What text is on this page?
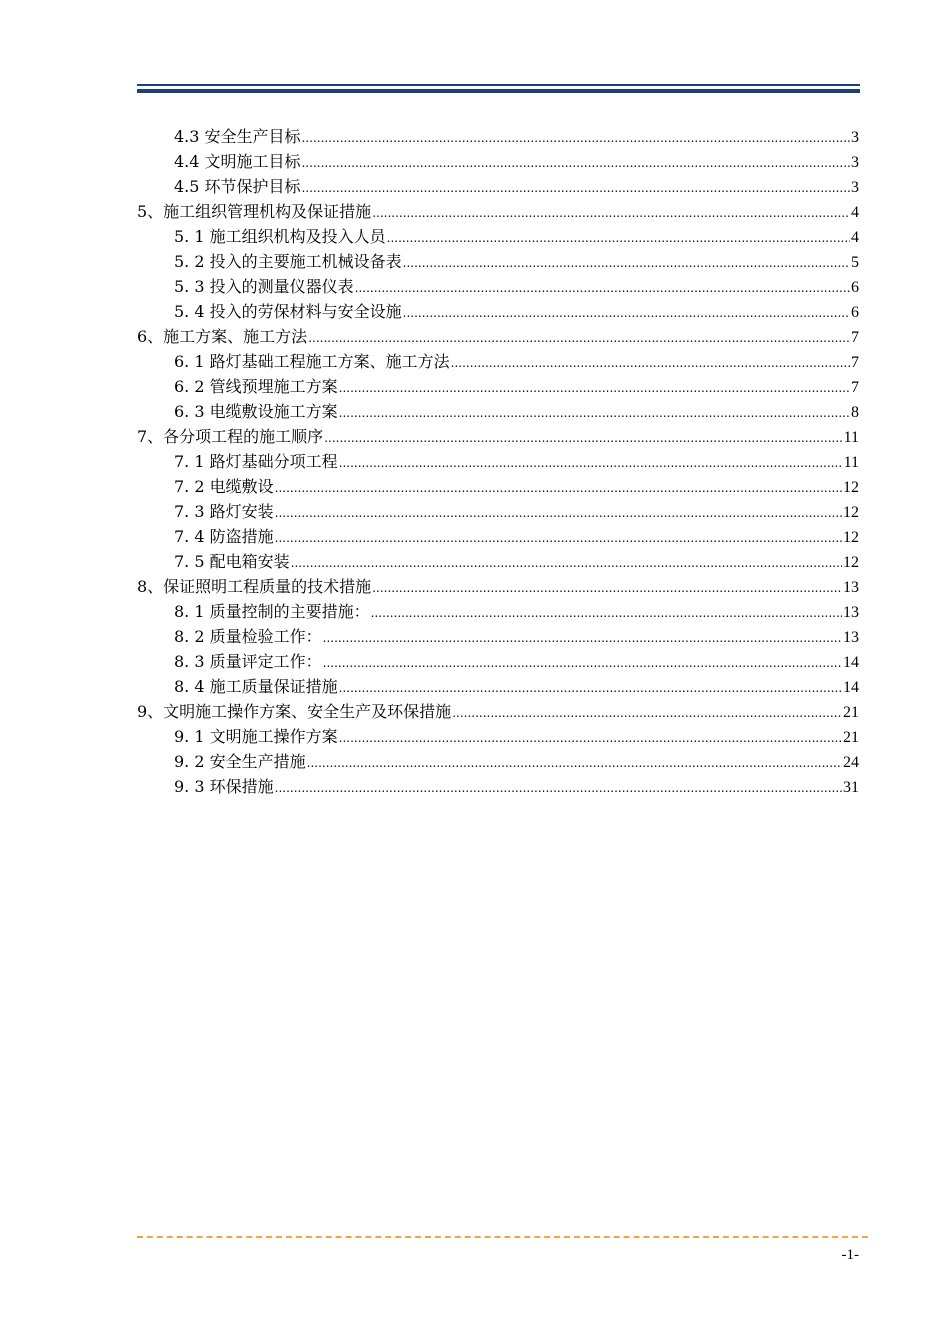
4.3 安全生产目标 .....	3
4.4 文明施工目标 .....	3
4.5 环节保护目标 .....	3
5、施工组织管理机构及保证措施 .....	4
5. 1 施工组织机构及投入人员 .....	4
5. 2 投入的主要施工机械设备表 .....	5
5. 3 投入的测量仪器仪表 .....	6
5. 4 投入的劳保材料与安全设施 .....	6
6、施工方案、施工方法 .....	7
6. 1 路灯基础工程施工方案、施工方法 .....	7
6. 2 管线预埋施工方案 .....	7
6. 3 电缆敷设施工方案 .....	8
7、各分项工程的施工顺序 .....	11
7. 1 路灯基础分项工程 .....	11
7. 2 电缆敷设 .....	12
7. 3 路灯安装 .....	12
7. 4 防盗措施 .....	12
7. 5 配电箱安装 .....	12
8、保证照明工程质量的技术措施 .....	13
8. 1 质量控制的主要措施： .....	13
8. 2 质量检验工作： .....	13
8. 3 质量评定工作： .....	14
8. 4 施工质量保证措施 .....	14
9、文明施工操作方案、安全生产及环保措施 .....	21
9. 1 文明施工操作方案 .....	21
9. 2 安全生产措施 .....	24
9. 3 环保措施 .....	31
-1-
